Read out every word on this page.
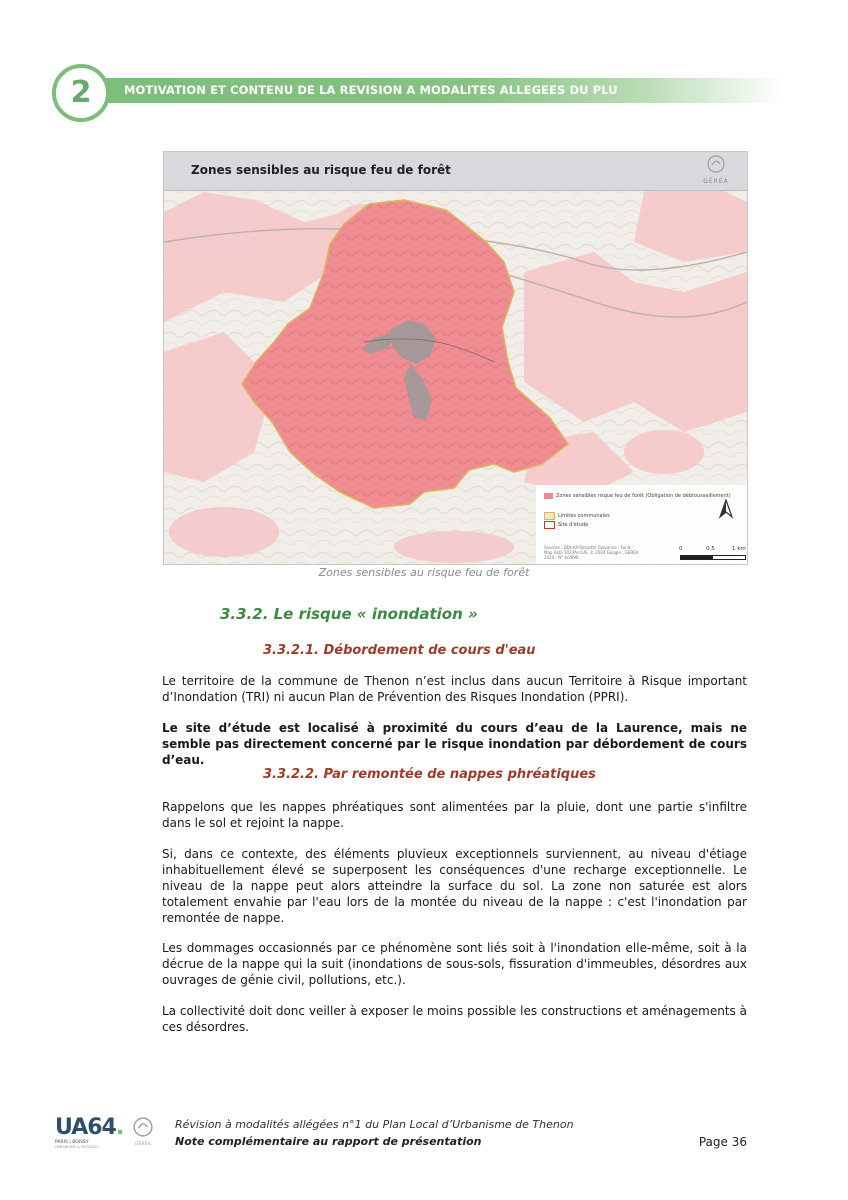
MOTIVATION ET CONTENU DE LA REVISION A MODALITES ALLEGEES DU PLU
2
Zones sensibles au risque feu de forêt
GÉRÉA
Zones sensibles risque feu de forêt (Obligation de débroussaillement)
Limites communales
Site d'étude
Sources : DDt-AP Rossotto Giovanna ; Fond : Map data 2023ArcGIS, © 2024 Google ; GEREA 2024 - N° 4/2896
0	0,5	1 km
Zones sensibles au risque feu de forêt
3.3.2. Le risque « inondation »
3.3.2.1. Débordement de cours d'eau

Le territoire de la commune de Thenon n’est inclus dans aucun Territoire à Risque important d’Inondation (TRI) ni aucun Plan de Prévention des Risques Inondation (PPRI).

Le site d’étude est localisé à proximité du cours d’eau de la Laurence, mais ne semble pas directement concerné par le risque inondation par débordement de cours d’eau.

3.3.2.2. Par remontée de nappes phréatiques

Rappelons que les nappes phréatiques sont alimentées par la pluie, dont une partie s'infiltre dans le sol et rejoint la nappe.

Si, dans ce contexte, des éléments pluvieux exceptionnels surviennent, au niveau d'étiage inhabituellement élevé se superposent les conséquences d'une recharge exceptionnelle. Le niveau de la nappe peut alors atteindre la surface du sol. La zone non saturée est alors totalement envahie par l'eau lors de la montée du niveau de la nappe : c'est l'inondation par remontée de nappe.

Les dommages occasionnés par ce phénomène sont liés soit à l'inondation elle-même, soit à la décrue de la nappe qui la suit (inondations de sous-sols, fissuration d'immeubles, désordres aux ouvrages de génie civil, pollutions, etc.).

La collectivité doit donc veiller à exposer le moins possible les constructions et aménagements à ces désordres.

UA64.
PARIS | BOISSY
URBANISME & PAYSAGES
GÉRÉA
Révision à modalités allégées n°1 du Plan Local d’Urbanisme de Thenon
Note complémentaire au rapport de présentation	Page 36
